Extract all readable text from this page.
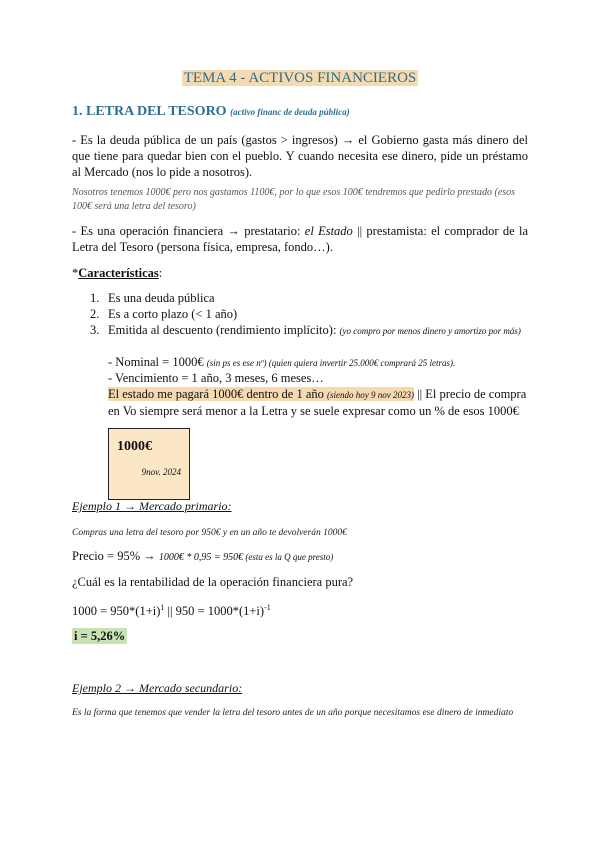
TEMA 4 - ACTIVOS FINANCIEROS
1. LETRA DEL TESORO (activo financ de deuda pública)

- Es la deuda pública de un país (gastos > ingresos) → el Gobierno gasta más dinero del que tiene para quedar bien con el pueblo. Y cuando necesita ese dinero, pide un préstamo al Mercado (nos lo pide a nosotros).

Nosotros tenemos 1000€ pero nos gastamos 1100€, por lo que esos 100€ tendremos que pedirlo prestado (esos 100€ será una letra del tesoro)

- Es una operación financiera → prestatario: el Estado || prestamista: el comprador de la Letra del Tesoro (persona física, empresa, fondo…).

*Características:

1. Es una deuda pública
2. Es a corto plazo (< 1 año)
3. Emitida al descuento (rendimiento implícito): (yo compro por menos dinero y amortizo por más)
- Nominal = 1000€ (sin ps es ese nº) (quien quiera invertir 25.000€ comprará 25 letras).
- Vencimiento = 1 año, 3 meses, 6 meses…
El estado me pagará 1000€ dentro de 1 año (siendo hoy 9 nov 2023) || El precio de compra en Vo siempre será menor a la Letra y se suele expresar como un % de esos 1000€
1000€
9nov. 2024

Ejemplo 1 → Mercado primario:

Compras una letra del tesoro por 950€ y en un año te devolverán 1000€

Precio = 95% → 1000€ * 0,95 = 950€ (esta es la Q que presto)

¿Cuál es la rentabilidad de la operación financiera pura?

$1000 = 950*(1+i)^1$ || $950 = 1000*(1+i)^{-1}$

i = 5,26%

Ejemplo 2 → Mercado secundario:

Es la forma que tenemos que vender la letra del tesoro antes de un año porque necesitamos ese dinero de inmediato
